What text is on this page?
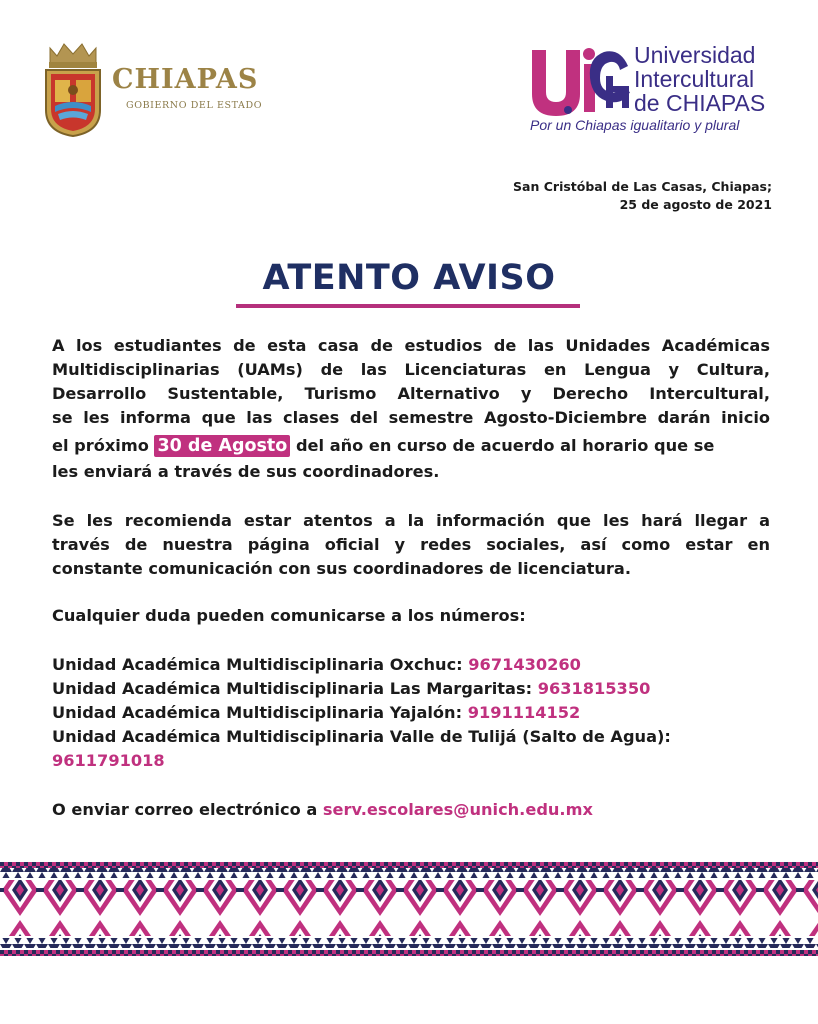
CHIAPAS
GOBIERNO DEL ESTADO
Universidad
Intercultural
de CHIAPAS
Por un Chiapas igualitario y plural
San Cristóbal de Las Casas, Chiapas;
25 de agosto de 2021
ATENTO AVISO
A los estudiantes de esta casa de estudios de las Unidades Académicas
Multidisciplinarias (UAMs) de las Licenciaturas en Lengua y Cultura,
Desarrollo Sustentable, Turismo Alternativo y Derecho Intercultural,
se les informa que las clases del semestre Agosto-Diciembre darán inicio
el próximo 30 de Agosto del año en curso de acuerdo al horario que se
les enviará a través de sus coordinadores.
Se les recomienda estar atentos a la información que les hará llegar a
través de nuestra página oficial y redes sociales, así como estar en
constante comunicación con sus coordinadores de licenciatura.
Cualquier duda pueden comunicarse a los números:
Unidad Académica Multidisciplinaria Oxchuc: 9671430260
Unidad Académica Multidisciplinaria Las Margaritas: 9631815350
Unidad Académica Multidisciplinaria Yajalón: 9191114152
Unidad Académica Multidisciplinaria Valle de Tulijá (Salto de Agua):
9611791018
O enviar correo electrónico a serv.escolares@unich.edu.mx
